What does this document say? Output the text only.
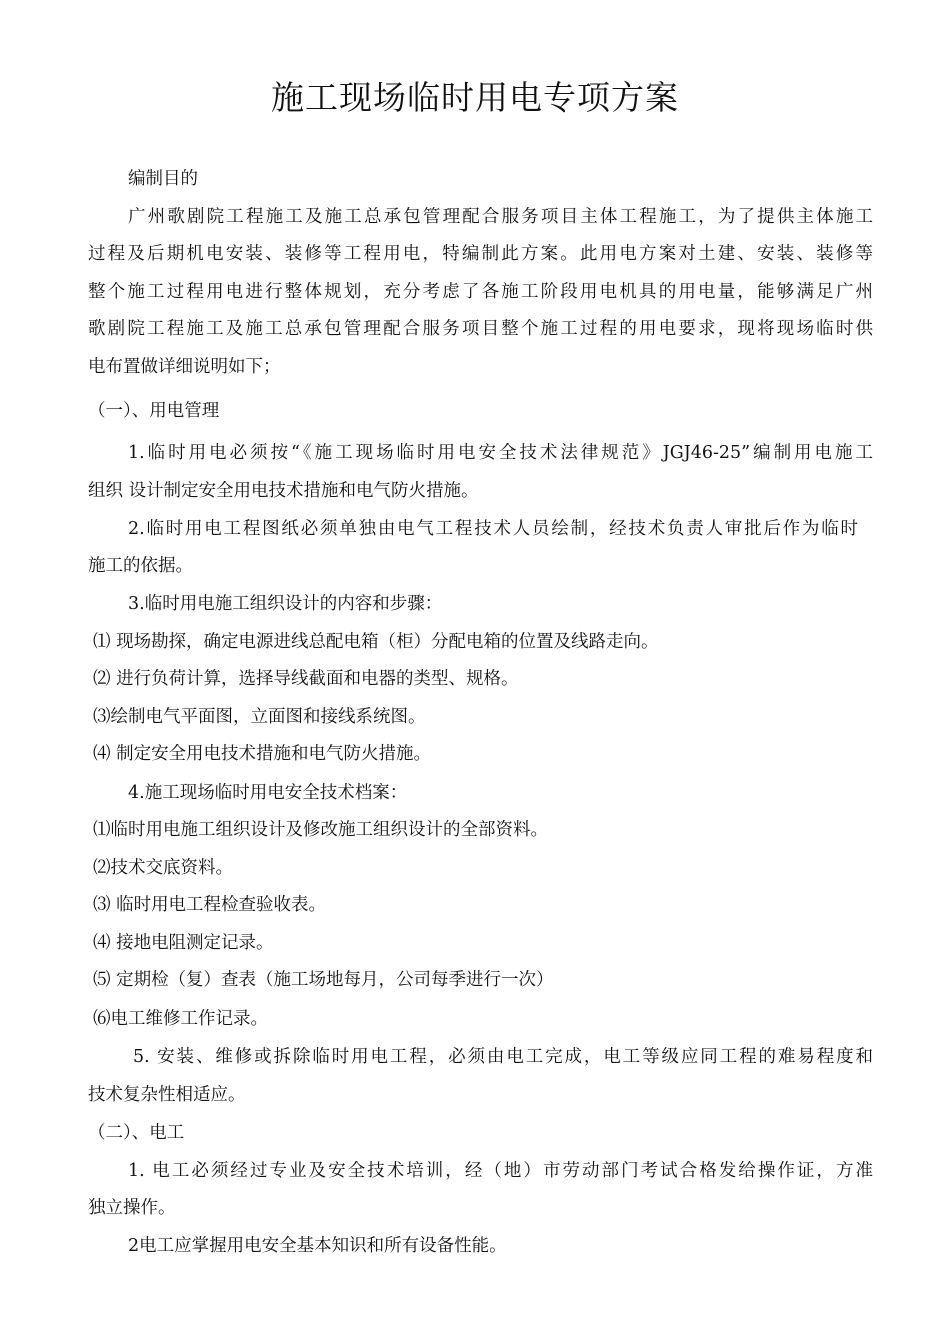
施工现场临时用电专项方案
编制目的
广州歌剧院工程施工及施工总承包管理配合服务项目主体工程施工，为了提供主体施工
过程及后期机电安装、装修等工程用电，特编制此方案。此用电方案对土建、安装、装修等
整个施工过程用电进行整体规划，充分考虑了各施工阶段用电机具的用电量，能够满足广州
歌剧院工程施工及施工总承包管理配合服务项目整个施工过程的用电要求，现将现场临时供
电布置做详细说明如下；
（一）、用电管理
1.临时用电必须按“《施工现场临时用电安全技术法律规范》JGJ46-25”编制用电施工
组织 设计制定安全用电技术措施和电气防火措施。
2.临时用电工程图纸必须单独由电气工程技术人员绘制，经技术负责人审批后作为临时
施工的依据。
3.临时用电施工组织设计的内容和步骤：
⑴ 现场勘探，确定电源进线总配电箱（柜）分配电箱的位置及线路走向。
⑵ 进行负荷计算，选择导线截面和电器的类型、规格。
⑶绘制电气平面图，立面图和接线系统图。
⑷ 制定安全用电技术措施和电气防火措施。
4.施工现场临时用电安全技术档案：
⑴临时用电施工组织设计及修改施工组织设计的全部资料。
⑵技术交底资料。
⑶ 临时用电工程检查验收表。
⑷ 接地电阻测定记录。
⑸ 定期检（复）查表（施工场地每月，公司每季进行一次）
⑹电工维修工作记录。
5. 安装、维修或拆除临时用电工程，必须由电工完成，电工等级应同工程的难易程度和
技术复杂性相适应。
（二）、电工
1. 电工必须经过专业及安全技术培训，经（地）市劳动部门考试合格发给操作证，方准
独立操作。
2电工应掌握用电安全基本知识和所有设备性能。
